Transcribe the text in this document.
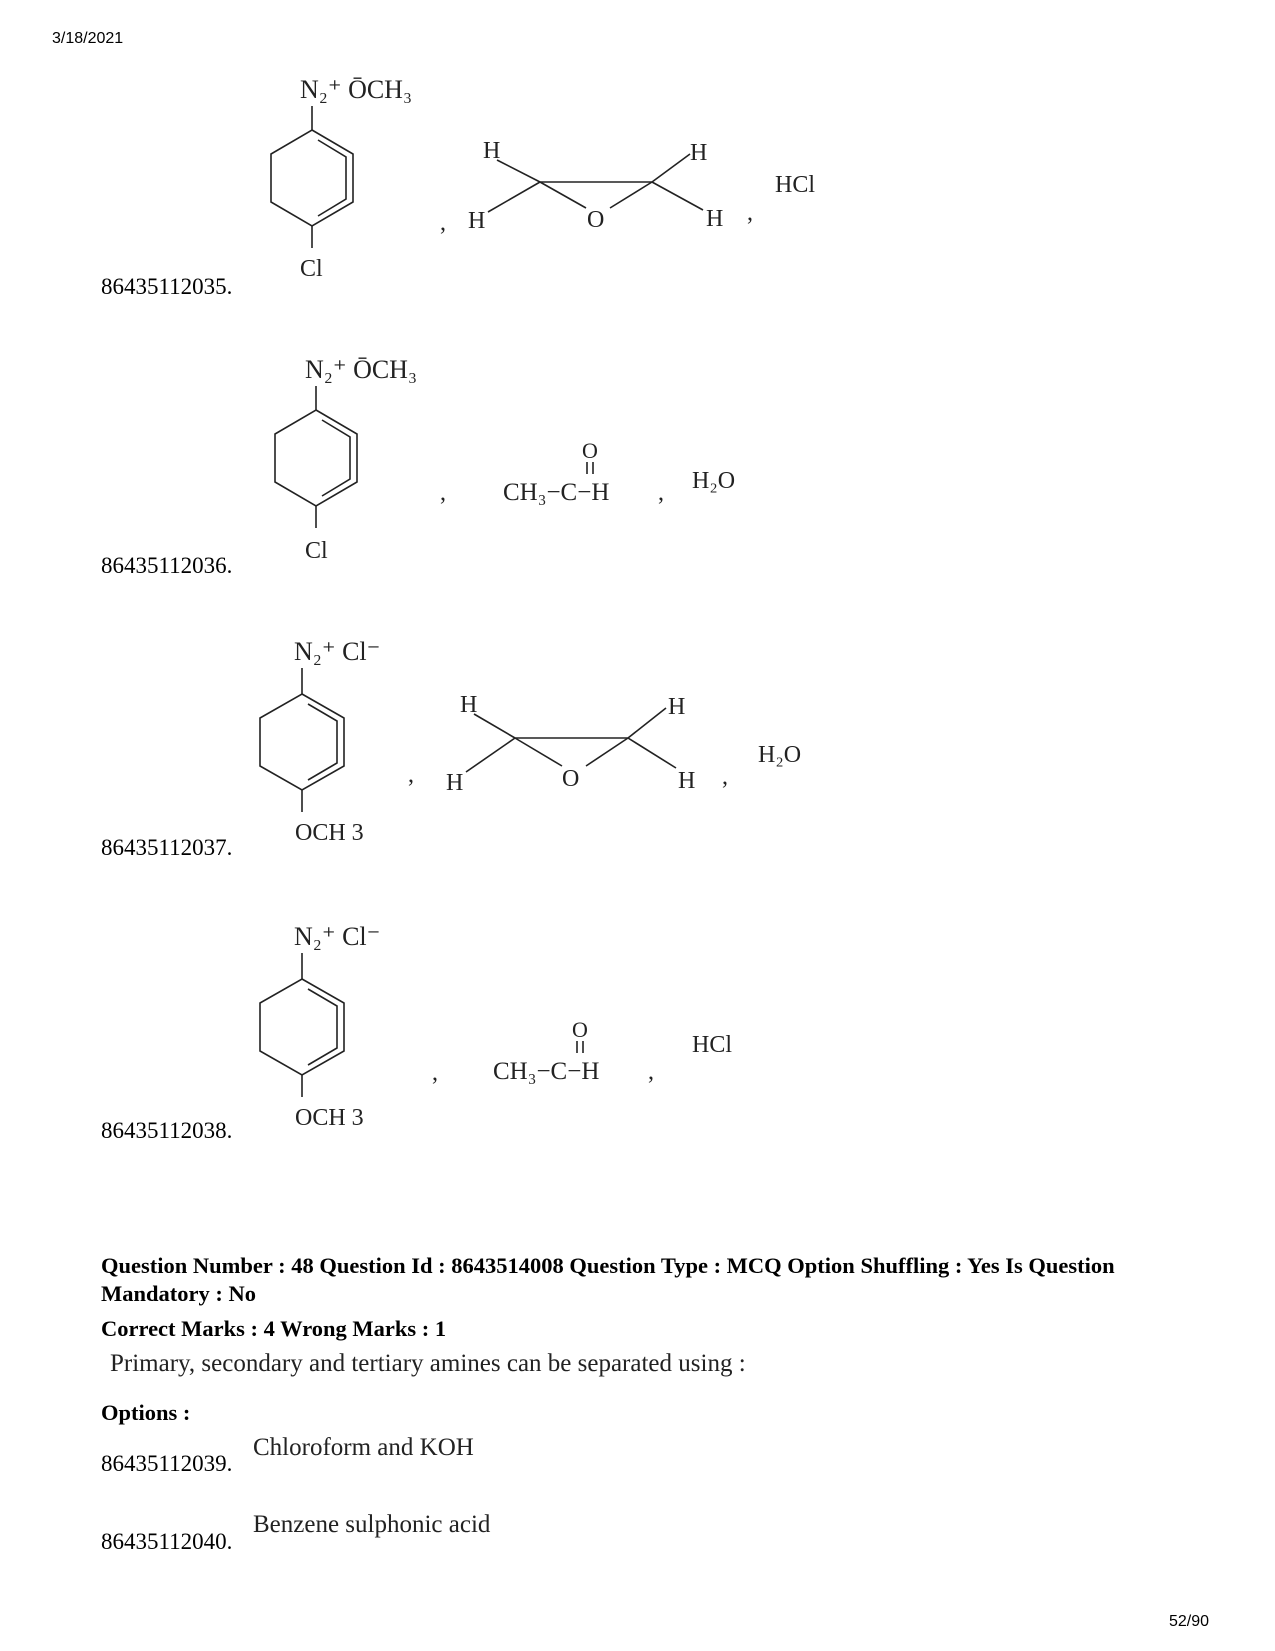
3/18/2021
N₂⁺ ŌCH₃
Cl
,
H
H
H
H
O	,
HCl
86435112035.
N₂⁺ ŌCH₃
Cl
,
O
CH₃−C−H , H₂O
86435112036.
N₂⁺ Cl⁻
OCH 3
,
H
H
H
H
O	,
H₂O
86435112037.
N₂⁺ Cl⁻
OCH 3
,
O
CH₃−C−H ,
HCl
86435112038.
Question Number : 48 Question Id : 8643514008 Question Type : MCQ Option Shuffling : Yes Is Question Mandatory : No
Correct Marks : 4 Wrong Marks : 1
Primary, secondary and tertiary amines can be separated using :
Options :
86435112039.
Chloroform and KOH
86435112040.
Benzene sulphonic acid
52/90
